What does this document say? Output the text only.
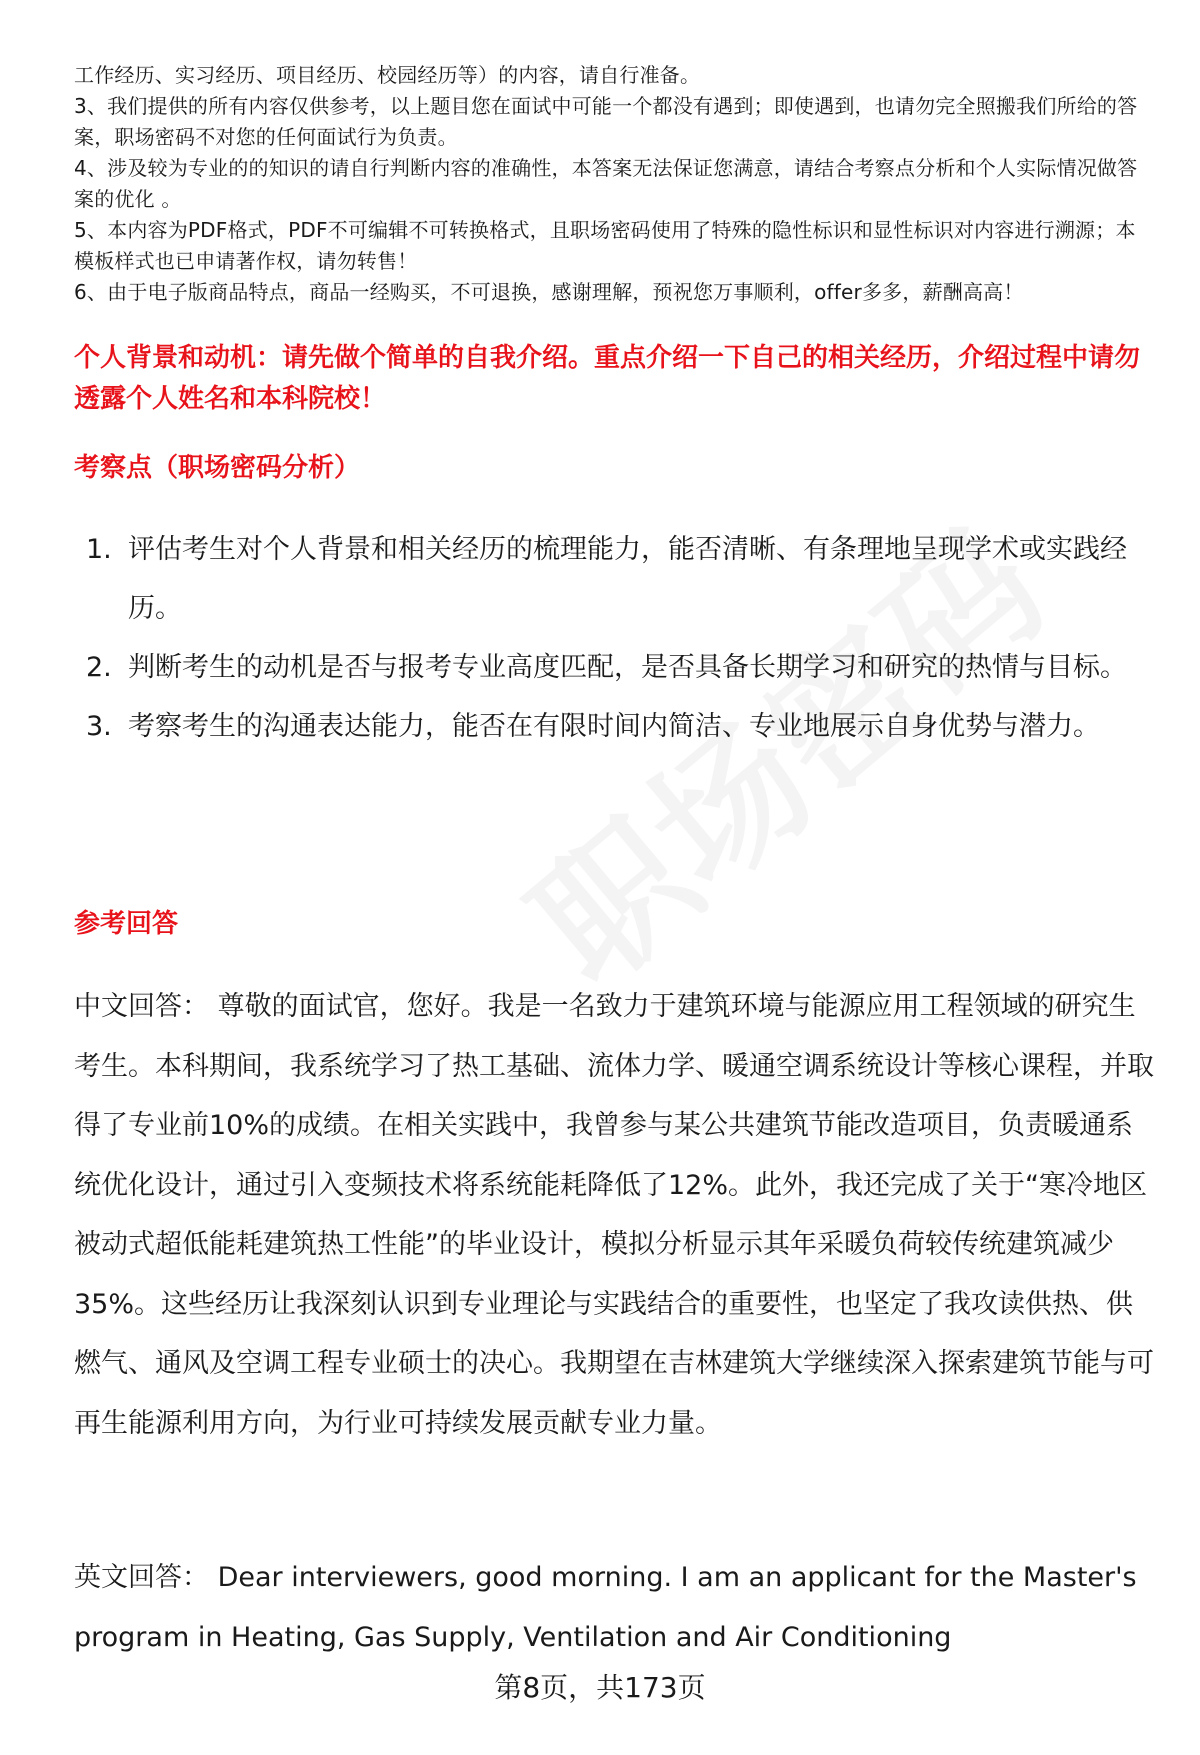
工作经历、实习经历、项目经历、校园经历等）的内容，请自行准备。

3、我们提供的所有内容仅供参考，以上题目您在面试中可能一个都没有遇到；即使遇到，也请勿完全照搬我们所给的答案，职场密码不对您的任何面试行为负责。

4、涉及较为专业的的知识的请自行判断内容的准确性，本答案无法保证您满意，请结合考察点分析和个人实际情况做答案的优化 。

5、本内容为PDF格式，PDF不可编辑不可转换格式，且职场密码使用了特殊的隐性标识和显性标识对内容进行溯源；本模板样式也已申请著作权，请勿转售！

6、由于电子版商品特点，商品一经购买，不可退换，感谢理解，预祝您万事顺利，offer多多，薪酬高高！

个人背景和动机：请先做个简单的自我介绍。重点介绍一下自己的相关经历，介绍过程中请勿透露个人姓名和本科院校！
考察点（职场密码分析）
1. 评估考生对个人背景和相关经历的梳理能力，能否清晰、有条理地呈现学术或实践经历。
2. 判断考生的动机是否与报考专业高度匹配，是否具备长期学习和研究的热情与目标。
3. 考察考生的沟通表达能力，能否在有限时间内简洁、专业地展示自身优势与潜力。
参考回答

中文回答： 尊敬的面试官，您好。我是一名致力于建筑环境与能源应用工程领域的研究生考生。本科期间，我系统学习了热工基础、流体力学、暖通空调系统设计等核心课程，并取得了专业前10%的成绩。在相关实践中，我曾参与某公共建筑节能改造项目，负责暖通系统优化设计，通过引入变频技术将系统能耗降低了12%。此外，我还完成了关于“寒冷地区被动式超低能耗建筑热工性能”的毕业设计，模拟分析显示其年采暖负荷较传统建筑减少35%。这些经历让我深刻认识到专业理论与实践结合的重要性，也坚定了我攻读供热、供燃气、通风及空调工程专业硕士的决心。我期望在吉林建筑大学继续深入探索建筑节能与可再生能源利用方向，为行业可持续发展贡献专业力量。

英文回答： Dear interviewers, good morning. I am an applicant for the Master's program in Heating, Gas Supply, Ventilation and Air Conditioning

第8页，共173页
